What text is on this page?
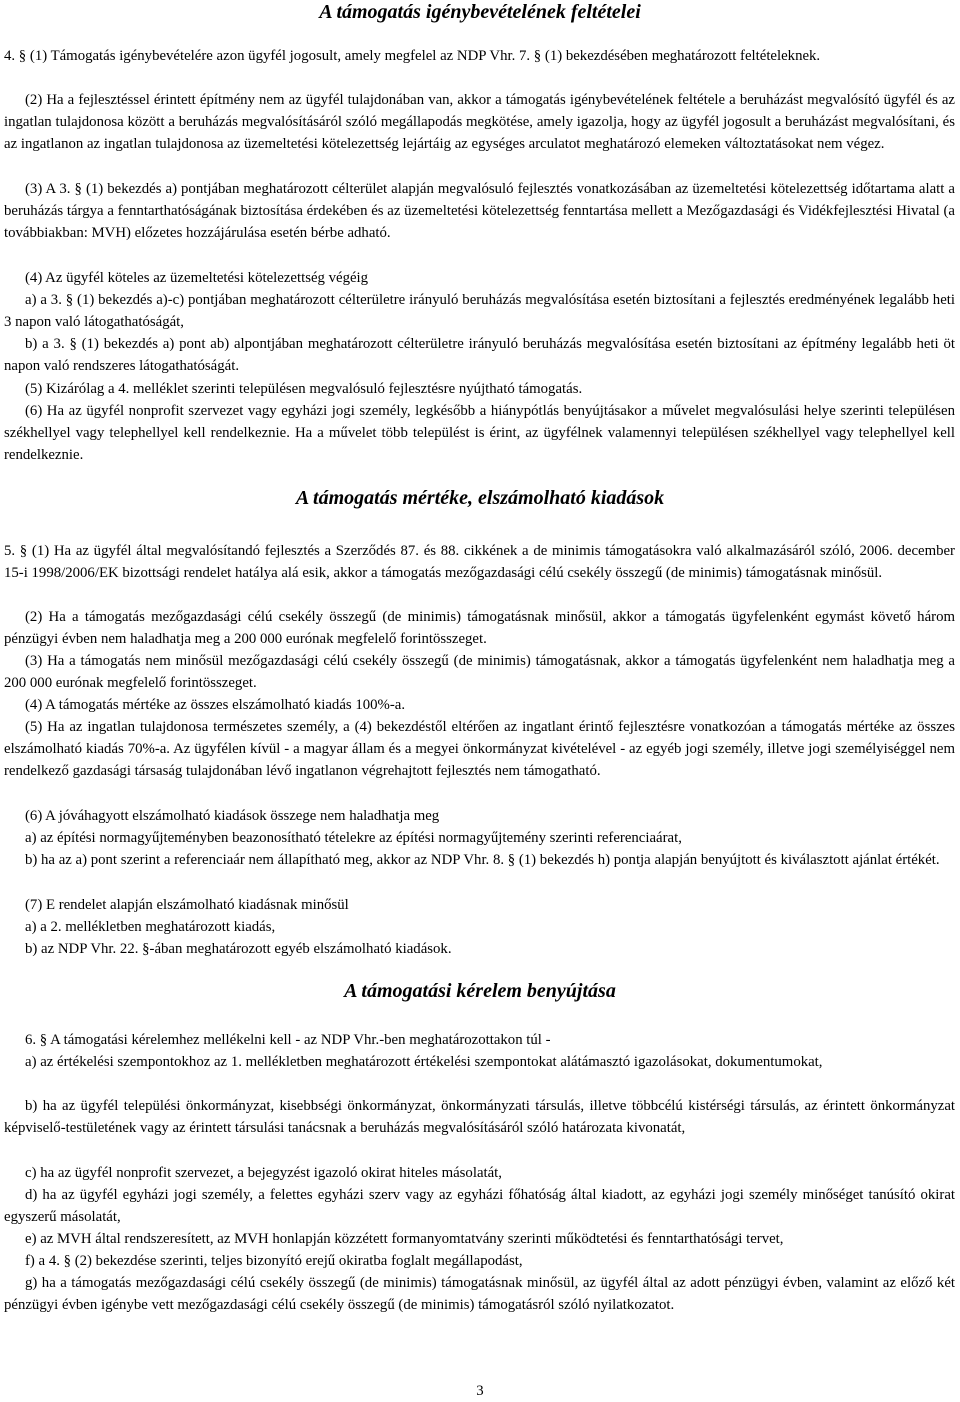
A támogatás igénybevételének feltételei
4. § (1) Támogatás igénybevételére azon ügyfél jogosult, amely megfelel az NDP Vhr. 7. § (1) bekezdésében meghatározott feltételeknek.
(2) Ha a fejlesztéssel érintett építmény nem az ügyfél tulajdonában van, akkor a támogatás igénybevételének feltétele a beruházást megvalósító ügyfél és az ingatlan tulajdonosa között a beruházás megvalósításáról szóló megállapodás megkötése, amely igazolja, hogy az ügyfél jogosult a beruházást megvalósítani, és az ingatlanon az ingatlan tulajdonosa az üzemeltetési kötelezettség lejártáig az egységes arculatot meghatározó elemeken változtatásokat nem végez.
(3) A 3. § (1) bekezdés a) pontjában meghatározott célterület alapján megvalósuló fejlesztés vonatkozásában az üzemeltetési kötelezettség időtartama alatt a beruházás tárgya a fenntarthatóságának biztosítása érdekében és az üzemeltetési kötelezettség fenntartása mellett a Mezőgazdasági és Vidékfejlesztési Hivatal (a továbbiakban: MVH) előzetes hozzájárulása esetén bérbe adható.
(4) Az ügyfél köteles az üzemeltetési kötelezettség végéig
a) a 3. § (1) bekezdés a)-c) pontjában meghatározott célterületre irányuló beruházás megvalósítása esetén biztosítani a fejlesztés eredményének legalább heti 3 napon való látogathatóságát,
b) a 3. § (1) bekezdés a) pont ab) alpontjában meghatározott célterületre irányuló beruházás megvalósítása esetén biztosítani az építmény legalább heti öt napon való rendszeres látogathatóságát.
(5) Kizárólag a 4. melléklet szerinti településen megvalósuló fejlesztésre nyújtható támogatás.
(6) Ha az ügyfél nonprofit szervezet vagy egyházi jogi személy, legkésőbb a hiánypótlás benyújtásakor a művelet megvalósulási helye szerinti településen székhellyel vagy telephellyel kell rendelkeznie. Ha a művelet több települést is érint, az ügyfélnek valamennyi településen székhellyel vagy telephellyel kell rendelkeznie.
A támogatás mértéke, elszámolható kiadások
5. § (1) Ha az ügyfél által megvalósítandó fejlesztés a Szerződés 87. és 88. cikkének a de minimis támogatásokra való alkalmazásáról szóló, 2006. december 15-i 1998/2006/EK bizottsági rendelet hatálya alá esik, akkor a támogatás mezőgazdasági célú csekély összegű (de minimis) támogatásnak minősül.
(2) Ha a támogatás mezőgazdasági célú csekély összegű (de minimis) támogatásnak minősül, akkor a támogatás ügyfelenként egymást követő három pénzügyi évben nem haladhatja meg a 200 000 eurónak megfelelő forintösszeget.
(3) Ha a támogatás nem minősül mezőgazdasági célú csekély összegű (de minimis) támogatásnak, akkor a támogatás ügyfelenként nem haladhatja meg a 200 000 eurónak megfelelő forintösszeget.
(4) A támogatás mértéke az összes elszámolható kiadás 100%-a.
(5) Ha az ingatlan tulajdonosa természetes személy, a (4) bekezdéstől eltérően az ingatlant érintő fejlesztésre vonatkozóan a támogatás mértéke az összes elszámolható kiadás 70%-a. Az ügyfélen kívül - a magyar állam és a megyei önkormányzat kivételével - az egyéb jogi személy, illetve jogi személyiséggel nem rendelkező gazdasági társaság tulajdonában lévő ingatlanon végrehajtott fejlesztés nem támogatható.
(6) A jóváhagyott elszámolható kiadások összege nem haladhatja meg
a) az építési normagyűjteményben beazonosítható tételekre az építési normagyűjtemény szerinti referenciaárat,
b) ha az a) pont szerint a referenciaár nem állapítható meg, akkor az NDP Vhr. 8. § (1) bekezdés h) pontja alapján benyújtott és kiválasztott ajánlat értékét.
(7) E rendelet alapján elszámolható kiadásnak minősül
a) a 2. mellékletben meghatározott kiadás,
b) az NDP Vhr. 22. §-ában meghatározott egyéb elszámolható kiadások.
A támogatási kérelem benyújtása
6. § A támogatási kérelemhez mellékelni kell - az NDP Vhr.-ben meghatározottakon túl -
a) az értékelési szempontokhoz az 1. mellékletben meghatározott értékelési szempontokat alátámasztó igazolásokat, dokumentumokat,
b) ha az ügyfél települési önkormányzat, kisebbségi önkormányzat, önkormányzati társulás, illetve többcélú kistérségi társulás, az érintett önkormányzat képviselő-testületének vagy az érintett társulási tanácsnak a beruházás megvalósításáról szóló határozata kivonatát,
c) ha az ügyfél nonprofit szervezet, a bejegyzést igazoló okirat hiteles másolatát,
d) ha az ügyfél egyházi jogi személy, a felettes egyházi szerv vagy az egyházi főhatóság által kiadott, az egyházi jogi személy minőséget tanúsító okirat egyszerű másolatát,
e) az MVH által rendszeresített, az MVH honlapján közzétett formanyomtatvány szerinti működtetési és fenntarthatósági tervet,
f) a 4. § (2) bekezdése szerinti, teljes bizonyító erejű okiratba foglalt megállapodást,
g) ha a támogatás mezőgazdasági célú csekély összegű (de minimis) támogatásnak minősül, az ügyfél által az adott pénzügyi évben, valamint az előző két pénzügyi évben igénybe vett mezőgazdasági célú csekély összegű (de minimis) támogatásról szóló nyilatkozatot.
3
